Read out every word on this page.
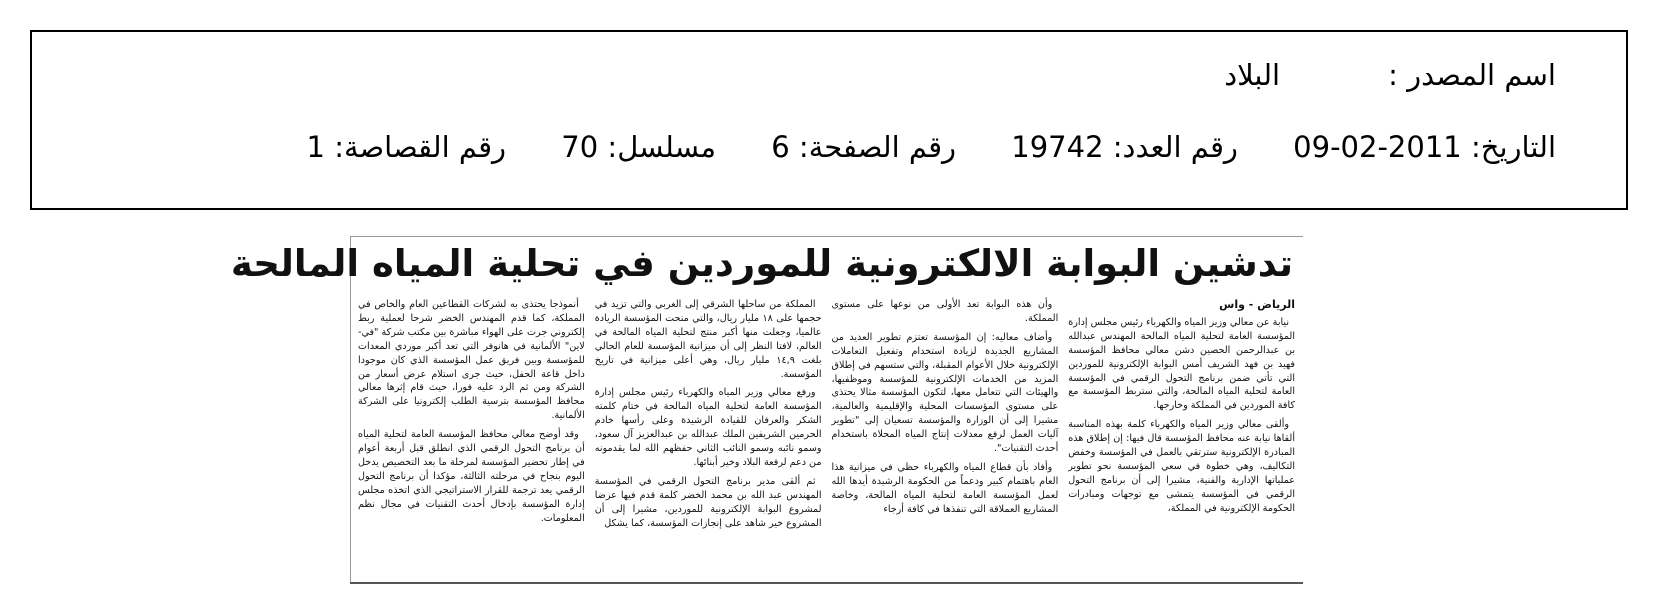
اسم المصدر :البلاد
التاريخ: 2011-02-09 رقم العدد: 19742 رقم الصفحة: 6 مسلسل: 70 رقم القصاصة: 1
تدشين البوابة الالكترونية للموردين في تحلية المياه المالحة
الرياض - واس

نيابة عن معالي وزير المياه والكهرباء رئيس مجلس إدارة المؤسسة العامة لتحلية المياه المالحة المهندس عبدالله بن عبدالرحمن الحصين دشن معالي محافظ المؤسسة فهيد بن فهد الشريف أمس البوابة الإلكترونية للموردين التي تأتي ضمن برنامج التحول الرقمي في المؤسسة العامة لتحلية المياه المالحة، والتي ستربط المؤسسة مع كافة الموردين في المملكة وخارجها.

وألقى معالي وزير المياه والكهرباء كلمة بهذه المناسبة ألقاها نيابة عنه محافظ المؤسسة قال فيها: إن إطلاق هذه المبادرة الإلكترونية سترتقي بالعمل في المؤسسة وخفض التكاليف، وهي خطوة في سعي المؤسسة نحو تطوير عملياتها الإدارية والفنية، مشيرا إلى أن برنامج التحول الرقمي في المؤسسة يتمشى مع توجهات ومبادرات الحكومة الإلكترونية في المملكة،

وأن هذه البوابة تعد الأولى من نوعها على مستوى المملكة.

وأضاف معاليه: إن المؤسسة تعتزم تطوير العديد من المشاريع الجديدة لزيادة استخدام وتفعيل التعاملات الإلكترونية خلال الأعوام المقبلة، والتي ستسهم في إطلاق المزيد من الخدمات الإلكترونية للمؤسسة وموظفيها، والهيئات التي تتعامل معها، لتكون المؤسسة مثالا يحتذى على مستوى المؤسسات المحلية والإقليمية والعالمية، مشيرا إلى أن الوزارة والمؤسسة تسعيان إلى "تطوير آليات العمل لرفع معدلات إنتاج المياه المحلاة باستخدام أحدث التقنيات".

وأفاد بأن قطاع المياه والكهرباء حظي في ميزانية هذا العام باهتمام كبير ودعماً من الحكومة الرشيدة أيدها الله لعمل المؤسسة العامة لتحلية المياه المالحة، وخاصة المشاريع العملاقة التي تنفذها في كافة أرجاء

المملكة من ساحلها الشرقي إلى الغربي والتي تزيد في حجمها على ١٨ مليار ريال، والتي منحت المؤسسة الريادة عالميا، وجعلت منها أكبر منتج لتحلية المياه المالحة في العالم، لافتا النظر إلى أن ميزانية المؤسسة للعام الحالي بلغت ١٤,٩ مليار ريال، وهي أعلى ميزانية في تاريخ المؤسسة.

ورفع معالي وزير المياه والكهرباء رئيس مجلس إدارة المؤسسة العامة لتحلية المياه المالحة في ختام كلمته الشكر والعرفان للقيادة الرشيدة وعلى رأسها خادم الحرمين الشريفين الملك عبدالله بن عبدالعزيز آل سعود، وسمو نائبه وسمو النائب الثاني حفظهم الله لما يقدمونه من دعم لرفعة البلاد وخير أبنائها.

ثم ألقى مدير برنامج التحول الرقمي في المؤسسة المهندس عبد الله بن محمد الخضر كلمة قدم فيها عرضا لمشروع البوابة الإلكترونية للموردين، مشيرا إلى أن المشروع خير شاهد على إنجازات المؤسسة، كما يشكل

أنموذجا يحتذى به لشركات القطاعين العام والخاص في المملكة، كما قدم المهندس الخضر شرحا لعملية ربط إلكتروني جرت على الهواء مباشرة بين مكتب شركة "في-لاين" الألمانية في هانوفر التي تعد أكبر موردي المعدات للمؤسسة وبين فريق عمل المؤسسة الذي كان موجودا داخل قاعة الحفل، حيث جرى استلام عرض أسعار من الشركة ومن ثم الرد عليه فورا، حيث قام إثرها معالي محافظ المؤسسة بترسية الطلب إلكترونيا على الشركة الألمانية.

وقد أوضح معالي محافظ المؤسسة العامة لتحلية المياه أن برنامج التحول الرقمي الذي انطلق قبل أربعة أعوام في إطار تحضير المؤسسة لمرحلة ما بعد التخصيص يدخل اليوم بنجاح في مرحلته الثالثة، مؤكدا أن برنامج التحول الرقمي يعد ترجمة للقرار الاستراتيجي الذي اتخذه مجلس إدارة المؤسسة بإدخال أحدث التقنيات في مجال نظم المعلومات.
